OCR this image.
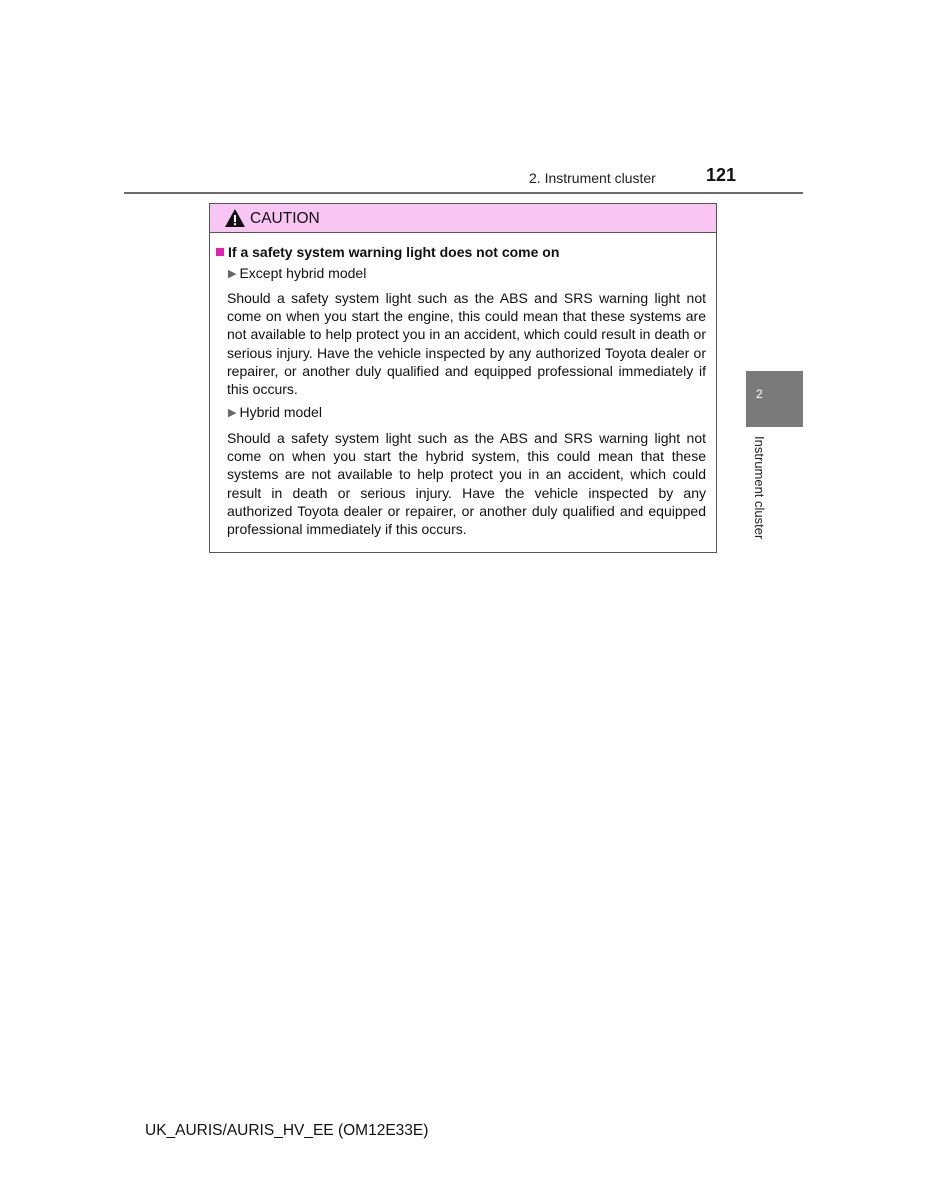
2. Instrument cluster	121
CAUTION
If a safety system warning light does not come on
▶ Except hybrid model

Should a safety system light such as the ABS and SRS warning light not come on when you start the engine, this could mean that these systems are not available to help protect you in an accident, which could result in death or serious injury. Have the vehicle inspected by any authorized Toyota dealer or repairer, or another duly qualified and equipped professional immediately if this occurs.

▶ Hybrid model

Should a safety system light such as the ABS and SRS warning light not come on when you start the hybrid system, this could mean that these systems are not available to help protect you in an accident, which could result in death or serious injury. Have the vehicle inspected by any authorized Toyota dealer or repairer, or another duly qualified and equipped professional immediately if this occurs.

2
Instrument cluster
UK_AURIS/AURIS_HV_EE (OM12E33E)
